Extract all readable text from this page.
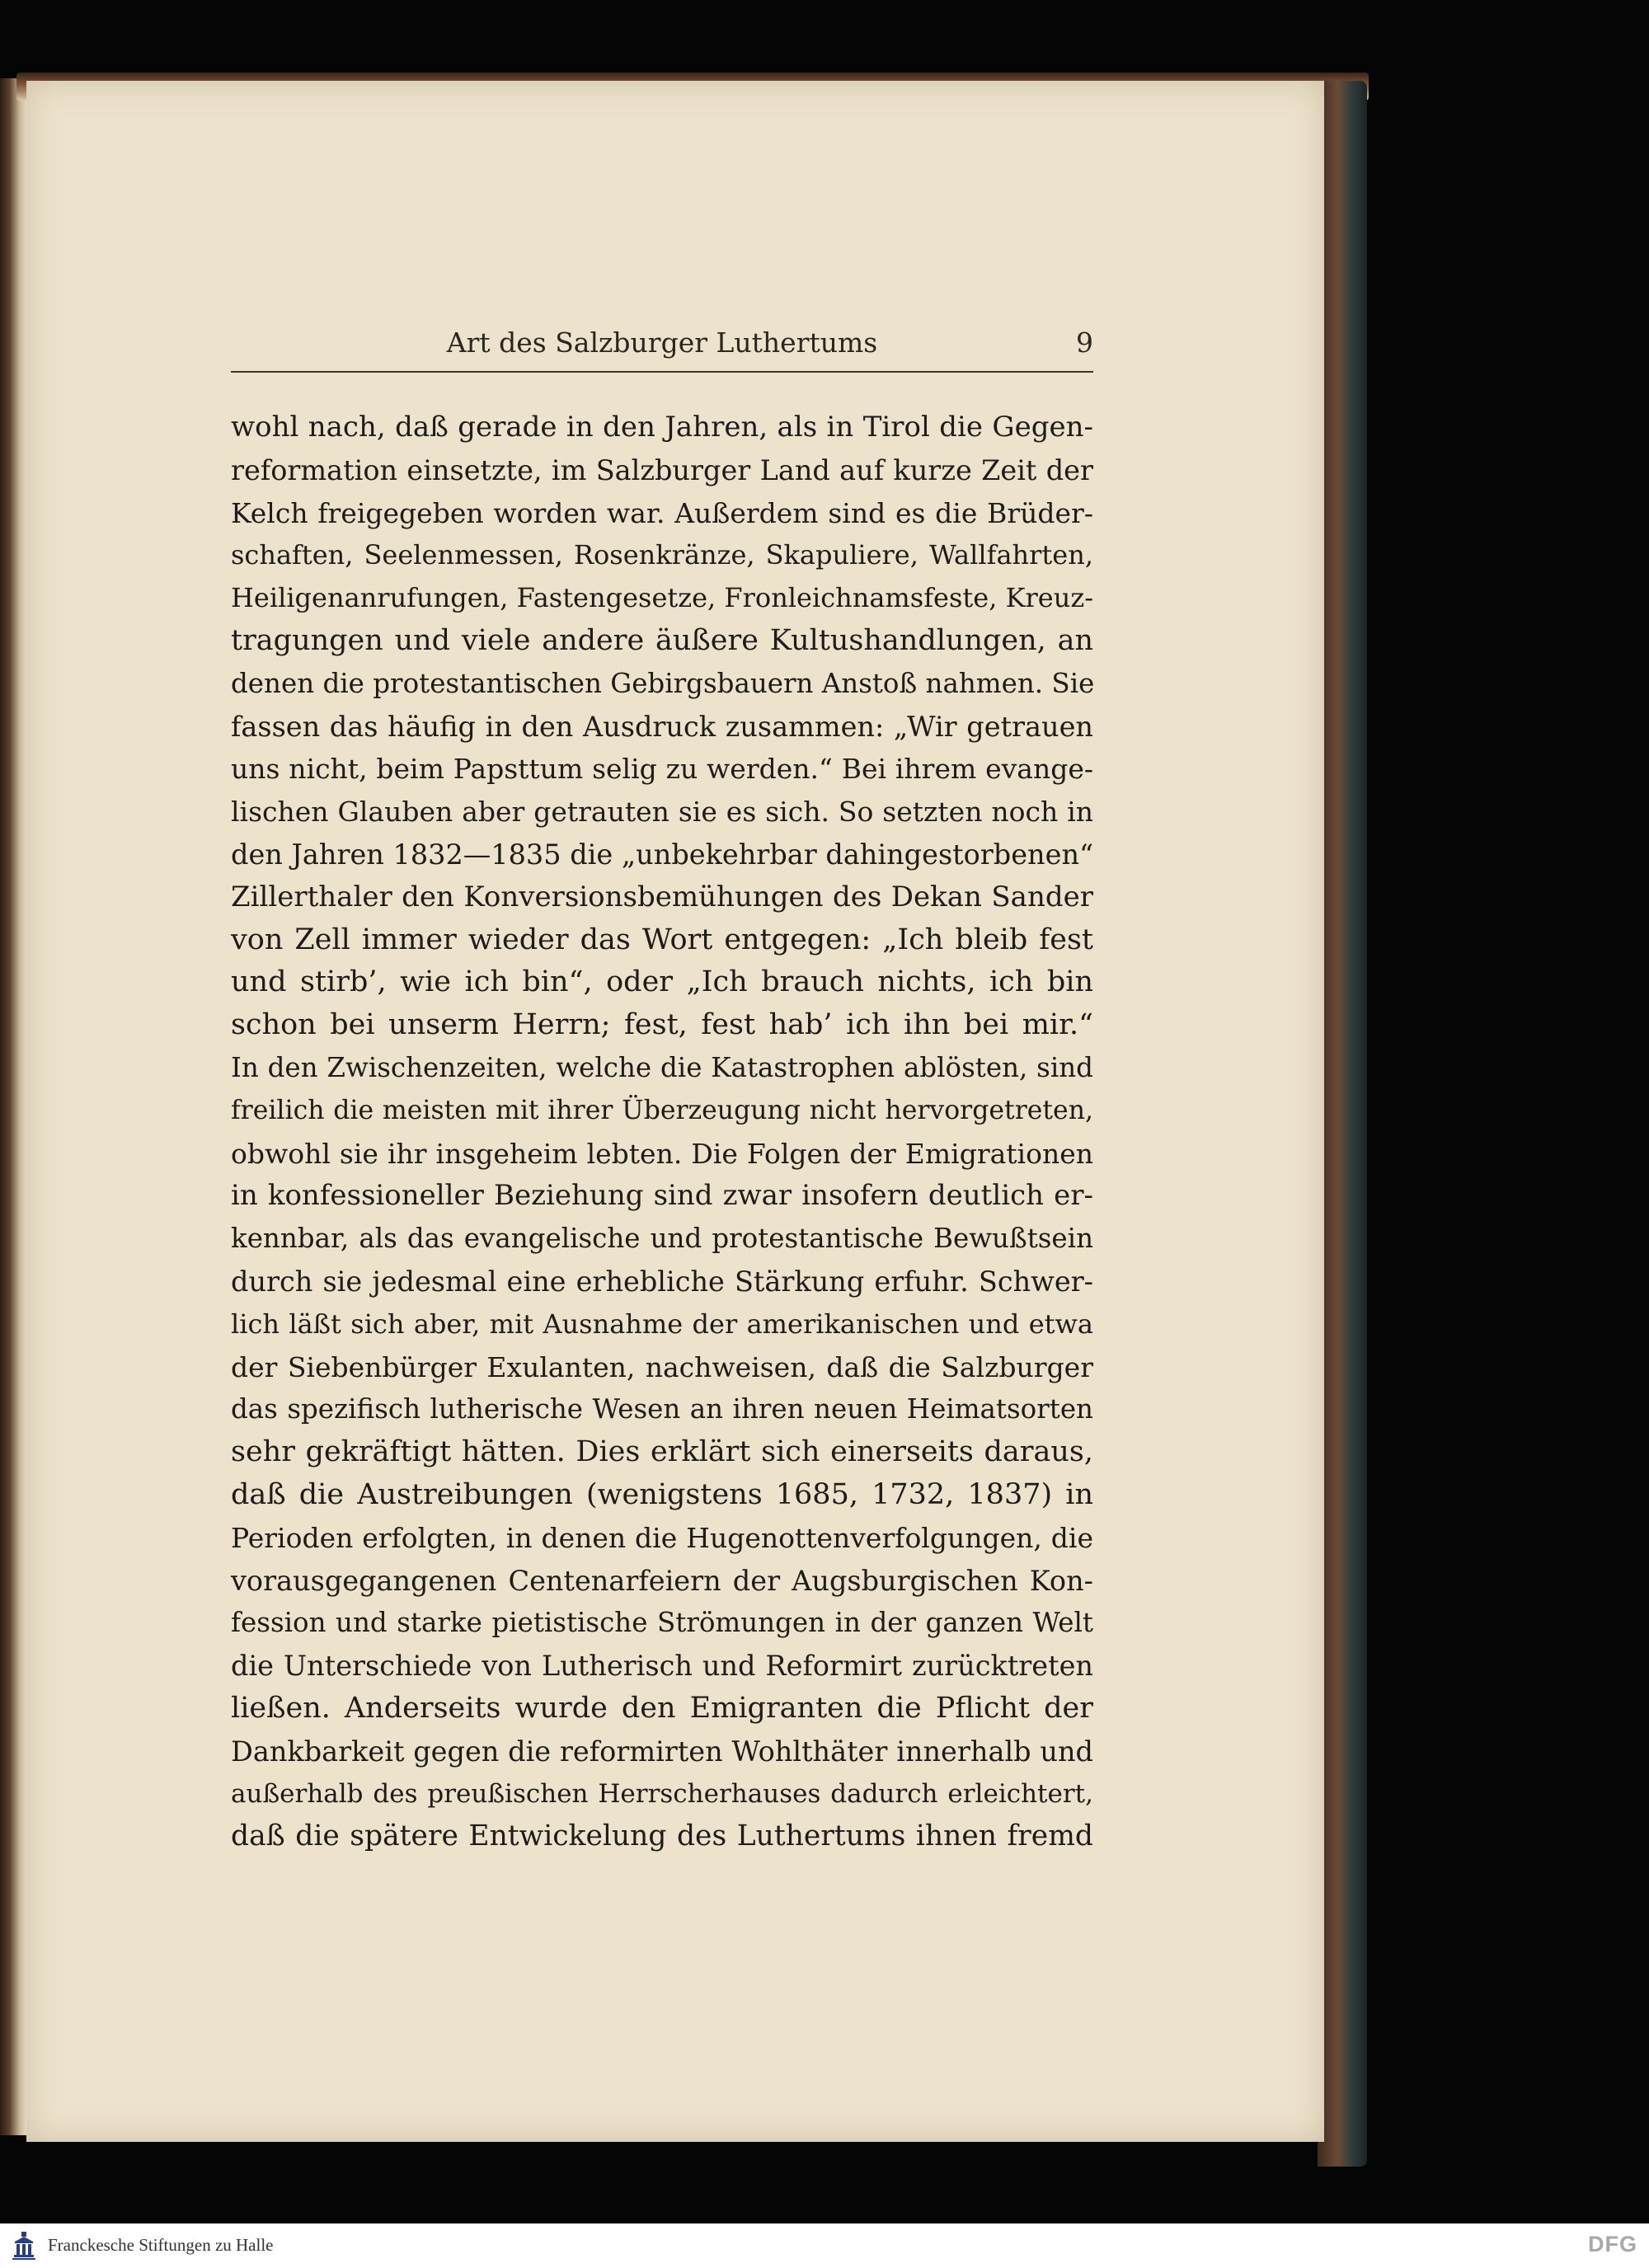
Art des Salzburger Luthertums	9
wohl nach, daß gerade in den Jahren, als in Tirol die Gegen-
reformation einsetzte, im Salzburger Land auf kurze Zeit der
Kelch freigegeben worden war. Außerdem sind es die Brüder-
schaften, Seelenmessen, Rosenkränze, Skapuliere, Wallfahrten,
Heiligenanrufungen, Fastengesetze, Fronleichnamsfeste, Kreuz-
tragungen und viele andere äußere Kultushandlungen, an
denen die protestantischen Gebirgsbauern Anstoß nahmen. Sie
fassen das häufig in den Ausdruck zusammen: „Wir getrauen
uns nicht, beim Papsttum selig zu werden.“ Bei ihrem evange-
lischen Glauben aber getrauten sie es sich. So setzten noch in
den Jahren 1832—1835 die „unbekehrbar dahingestorbenen“
Zillerthaler den Konversionsbemühungen des Dekan Sander
von Zell immer wieder das Wort entgegen: „Ich bleib fest
und stirb’, wie ich bin“, oder „Ich brauch nichts, ich bin
schon bei unserm Herrn; fest, fest hab’ ich ihn bei mir.“
In den Zwischenzeiten, welche die Katastrophen ablösten, sind
freilich die meisten mit ihrer Überzeugung nicht hervorgetreten,
obwohl sie ihr insgeheim lebten. Die Folgen der Emigrationen
in konfessioneller Beziehung sind zwar insofern deutlich er-
kennbar, als das evangelische und protestantische Bewußtsein
durch sie jedesmal eine erhebliche Stärkung erfuhr. Schwer-
lich läßt sich aber, mit Ausnahme der amerikanischen und etwa
der Siebenbürger Exulanten, nachweisen, daß die Salzburger
das spezifisch lutherische Wesen an ihren neuen Heimatsorten
sehr gekräftigt hätten. Dies erklärt sich einerseits daraus,
daß die Austreibungen (wenigstens 1685, 1732, 1837) in
Perioden erfolgten, in denen die Hugenottenverfolgungen, die
vorausgegangenen Centenarfeiern der Augsburgischen Kon-
fession und starke pietistische Strömungen in der ganzen Welt
die Unterschiede von Lutherisch und Reformirt zurücktreten
ließen. Anderseits wurde den Emigranten die Pflicht der
Dankbarkeit gegen die reformirten Wohlthäter innerhalb und
außerhalb des preußischen Herrscherhauses dadurch erleichtert,
daß die spätere Entwickelung des Luthertums ihnen fremd
Franckesche Stiftungen zu Halle	DFG
